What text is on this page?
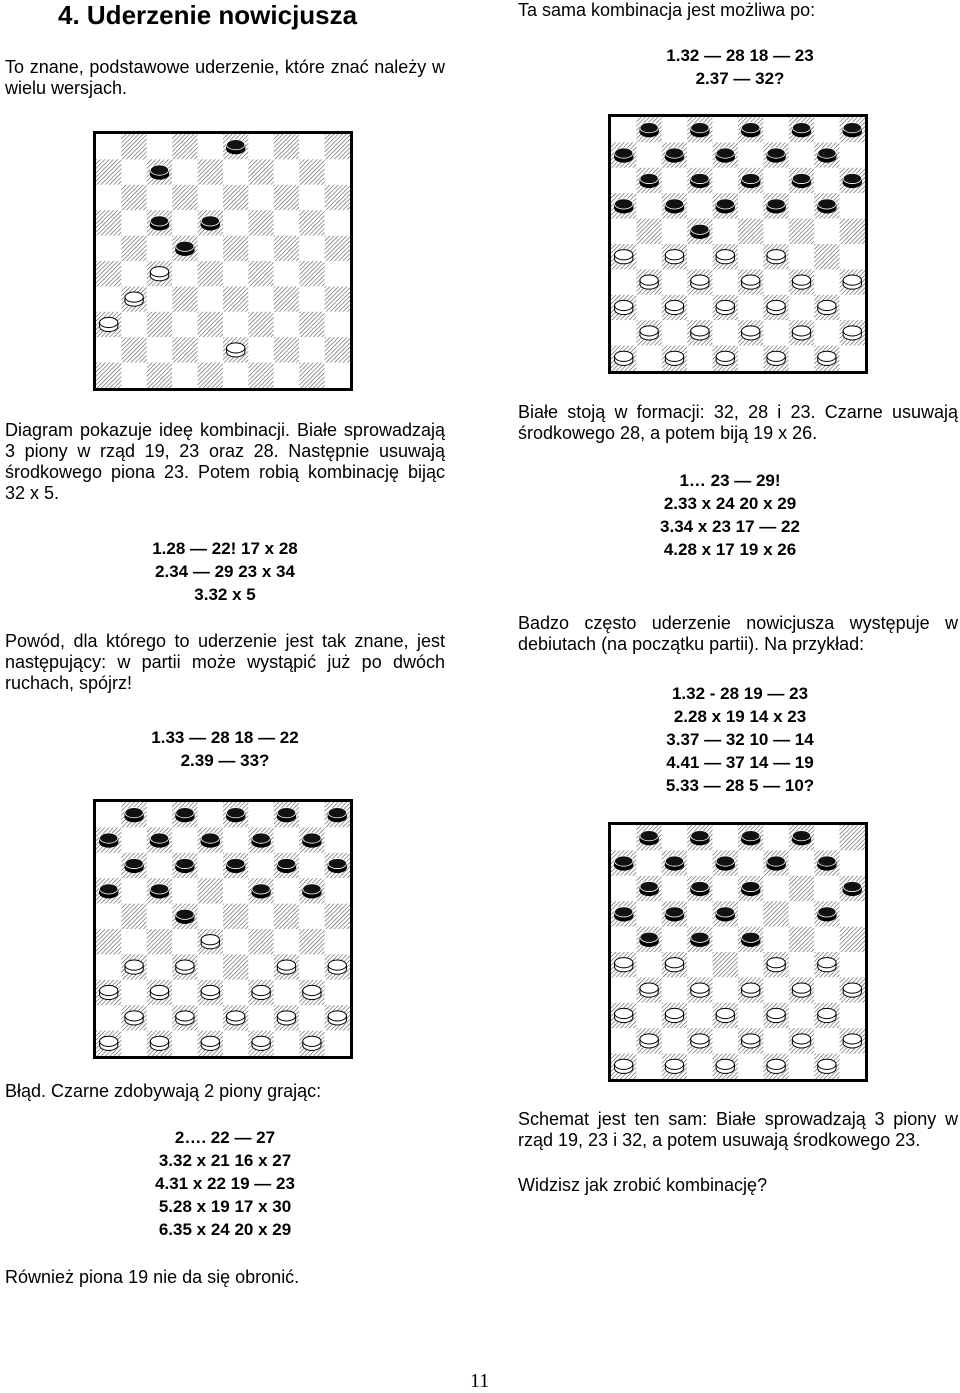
4. Uderzenie nowicjusza
To znane, podstawowe uderzenie, które znać należy w wielu wersjach.
Ta sama kombinacja jest możliwa po:
1.32 — 28 18 — 23
2.37 — 32?
Diagram pokazuje ideę kombinacji. Białe sprowadzają 3 piony w rząd 19, 23 oraz 28. Następnie usuwają środkowego piona 23. Potem robią kombinację bijąc 32 x 5.
1.28 — 22! 17 x 28
2.34 — 29 23 x 34
3.32 x 5
Powód, dla którego to uderzenie jest tak znane, jest następujący: w partii może wystąpić już po dwóch ruchach, spójrz!
1.33 — 28 18 — 22
2.39 — 33?
Białe stoją w formacji: 32, 28 i 23. Czarne usuwają środkowego 28, a potem biją 19 x 26.
1… 23 — 29!
2.33 x 24 20 x 29
3.34 x 23 17 — 22
4.28 x 17 19 x 26
Badzo często uderzenie nowicjusza występuje w debiutach (na początku partii). Na przykład:
1.32 - 28 19 — 23
2.28 x 19 14 x 23
3.37 — 32 10 — 14
4.41 — 37 14 — 19
5.33 — 28 5 — 10?
Błąd. Czarne zdobywają 2 piony grając:
2…. 22 — 27
3.32 x 21 16 x 27
4.31 x 22 19 — 23
5.28 x 19 17 x 30
6.35 x 24 20 x 29
Również piona 19 nie da się obronić.
Schemat jest ten sam: Białe sprowadzają 3 piony w rząd 19, 23 i 32, a potem usuwają środkowego 23.
Widzisz jak zrobić kombinację?
11
